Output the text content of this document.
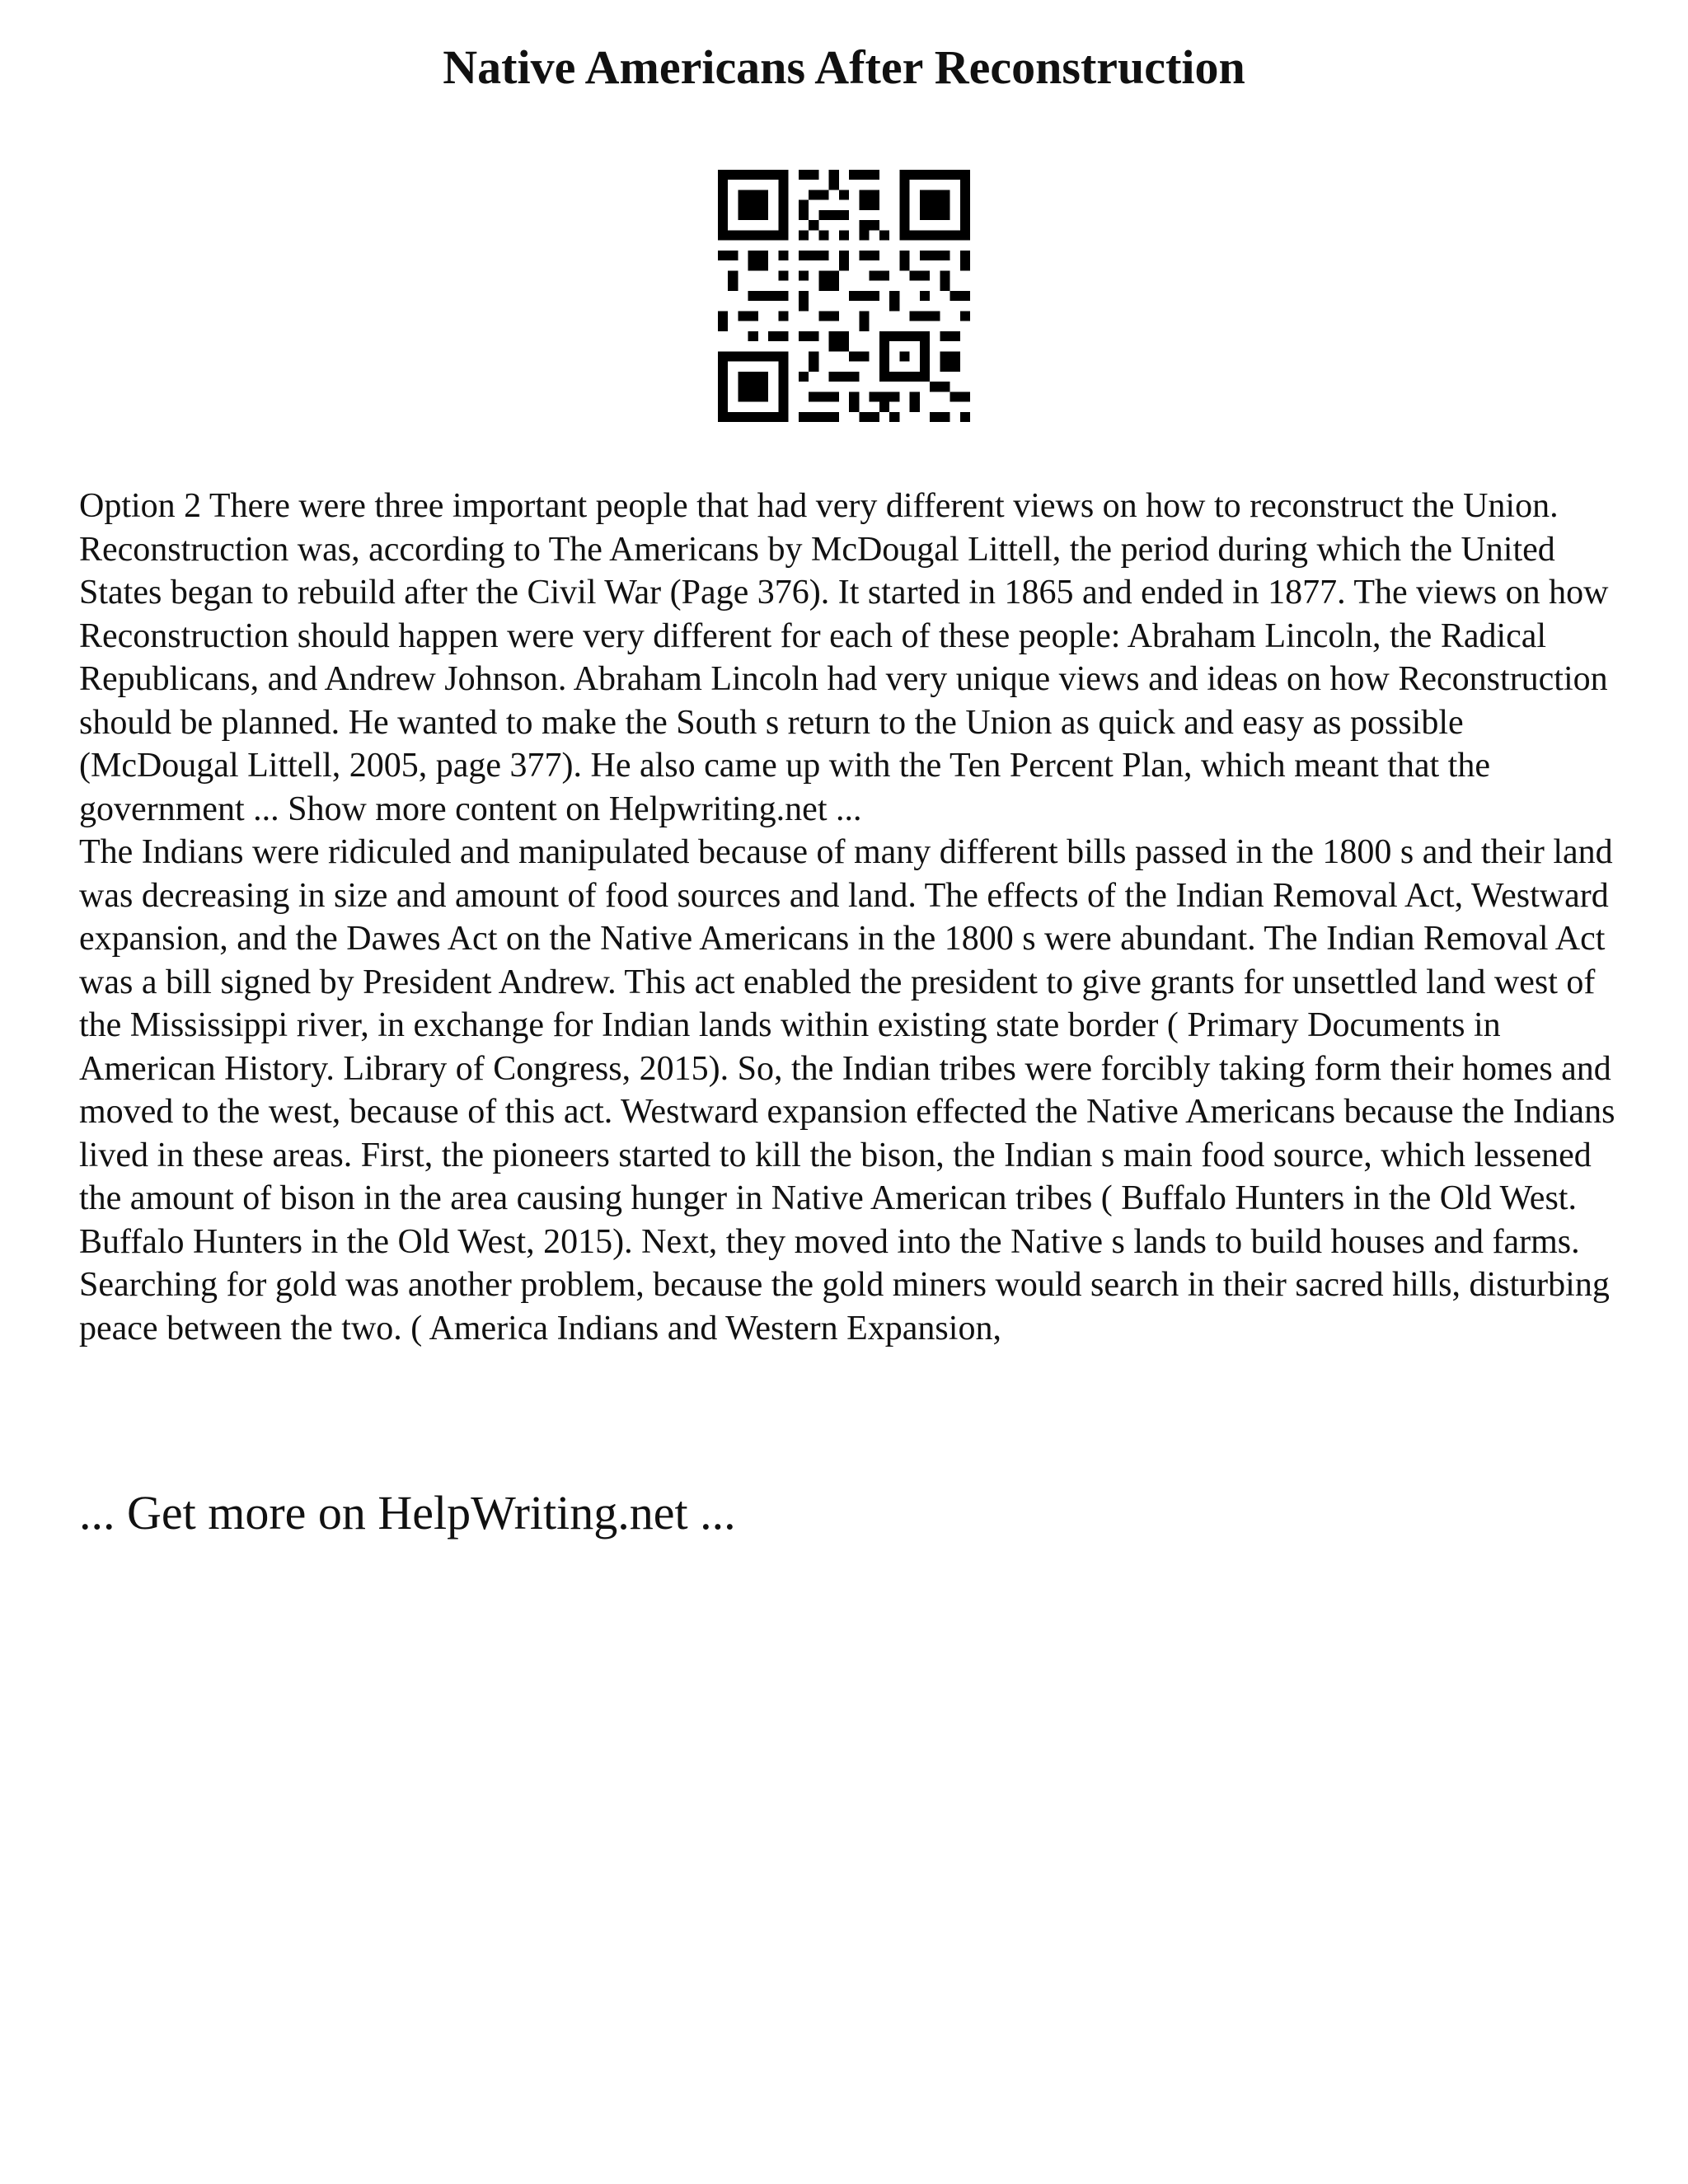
Native Americans After Reconstruction

Option 2 There were three important people that had very different views on how to reconstruct the Union. Reconstruction was, according to The Americans by McDougal Littell, the period during which the United States began to rebuild after the Civil War (Page 376). It started in 1865 and ended in 1877. The views on how Reconstruction should happen were very different for each of these people: Abraham Lincoln, the Radical Republicans, and Andrew Johnson. Abraham Lincoln had very unique views and ideas on how Reconstruction should be planned. He wanted to make the South s return to the Union as quick and easy as possible (McDougal Littell, 2005, page 377). He also came up with the Ten Percent Plan, which meant that the government ... Show more content on Helpwriting.net ...

The Indians were ridiculed and manipulated because of many different bills passed in the 1800 s and their land was decreasing in size and amount of food sources and land. The effects of the Indian Removal Act, Westward expansion, and the Dawes Act on the Native Americans in the 1800 s were abundant. The Indian Removal Act was a bill signed by President Andrew. This act enabled the president to give grants for unsettled land west of the Mississippi river, in exchange for Indian lands within existing state border ( Primary Documents in American History. Library of Congress, 2015). So, the Indian tribes were forcibly taking form their homes and moved to the west, because of this act. Westward expansion effected the Native Americans because the Indians lived in these areas. First, the pioneers started to kill the bison, the Indian s main food source, which lessened the amount of bison in the area causing hunger in Native American tribes ( Buffalo Hunters in the Old West. Buffalo Hunters in the Old West, 2015). Next, they moved into the Native s lands to build houses and farms. Searching for gold was another problem, because the gold miners would search in their sacred hills, disturbing peace between the two. ( America Indians and Western Expansion,

... Get more on HelpWriting.net ...
